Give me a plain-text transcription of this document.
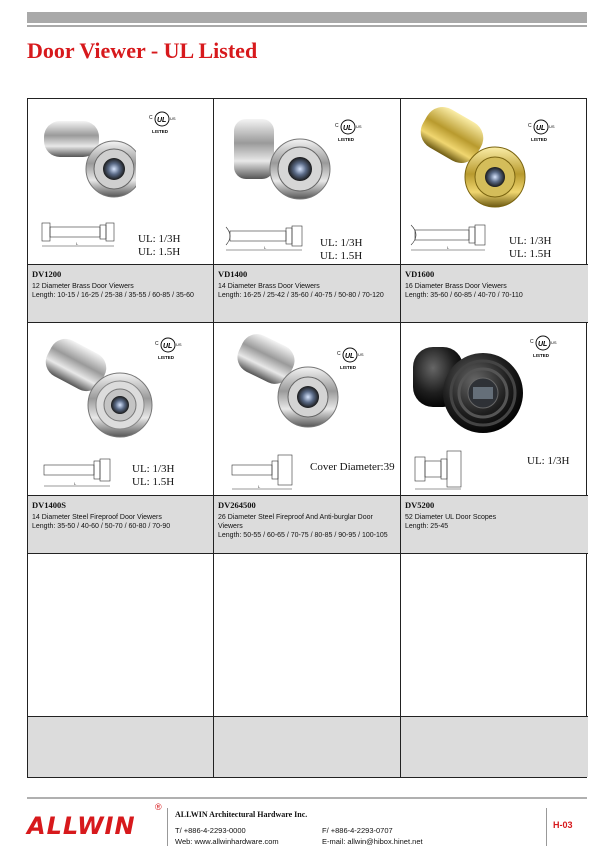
Door Viewer - UL Listed
C UL US
LISTED
L	UL: 1/3H
UL: 1.5H
C UL US
LISTED
L	UL: 1/3H
UL: 1.5H
C UL US
LISTED
L
UL: 1/3H
UL: 1.5H
DV1200
12 Diameter Brass Door Viewers
Length: 10-15 / 16-25 / 25-38 / 35-55 / 60-85 / 35-60
VD1400
14 Diameter Brass Door Viewers
Length: 16-25 / 25-42 / 35-60 / 40-75 / 50-80 / 70-120
VD1600
16 Diameter Brass Door Viewers
Length: 35-60 / 60-85 / 40-70 / 70-110
C UL US
LISTED
L
UL: 1/3H
UL: 1.5H
C UL US
LISTED
L
Cover Diameter:39
C UL US
LISTED
UL: 1/3H
DV1400S
14 Diameter Steel Fireproof Door Viewers
Length: 35-50 / 40-60 / 50-70 / 60-80 / 70-90
DV264500
26 Diameter Steel Fireproof And Anti-burglar Door Viewers
Length: 50-55 / 60-65 / 70-75 / 80-85 / 90-95 / 100-105
DV5200
52 Diameter UL Door Scopes
Length: 25-45
ALLWIN
®
ALLWIN Architectural Hardware Inc.
T/ +886-4-2293-0000	F/ +886-4-2293-0707
Web: www.allwinhardware.com	E-mail: allwin@hibox.hinet.net
H-03
